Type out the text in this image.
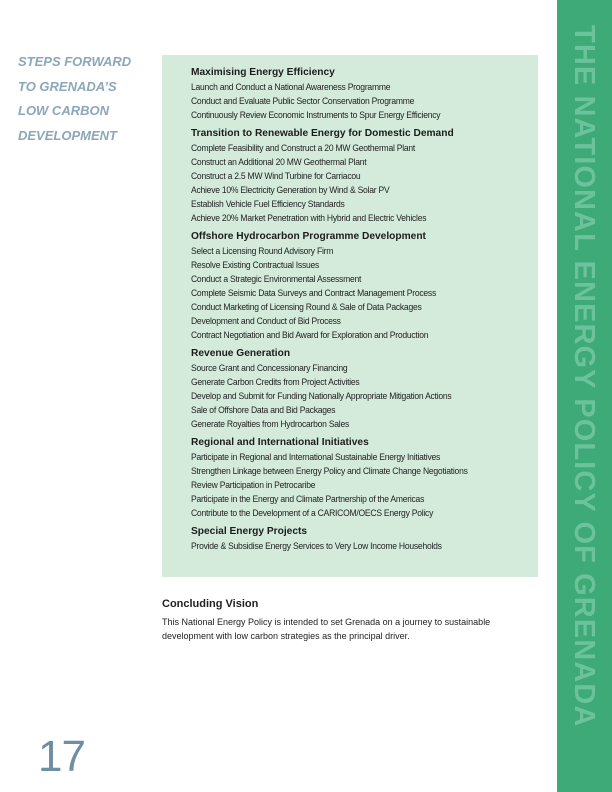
STEPS FORWARD
TO GRENADA’S
LOW CARBON
DEVELOPMENT
Maximising Energy Efficiency
Launch and Conduct a National Awareness Programme
Conduct and Evaluate Public Sector Conservation Programme
Continuously Review Economic Instruments to Spur Energy Efficiency
Transition to Renewable Energy for Domestic Demand
Complete Feasibility and Construct a 20 MW Geothermal Plant
Construct an Additional 20 MW Geothermal Plant
Construct a 2.5 MW Wind Turbine for Carriacou
Achieve 10% Electricity Generation by Wind & Solar PV
Establish Vehicle Fuel Efficiency Standards
Achieve 20% Market Penetration with Hybrid and Electric Vehicles
Offshore Hydrocarbon Programme Development
Select a Licensing Round Advisory Firm
Resolve Existing Contractual Issues
Conduct a Strategic Environmental Assessment
Complete Seismic Data Surveys and Contract Management Process
Conduct Marketing of Licensing Round & Sale of Data Packages
Development and Conduct of Bid Process
Contract Negotiation and Bid Award for Exploration and Production
Revenue Generation
Source Grant and Concessionary Financing
Generate Carbon Credits from Project Activities
Develop and Submit for Funding Nationally Appropriate Mitigation Actions
Sale of Offshore Data and Bid Packages
Generate Royalties from Hydrocarbon Sales
Regional and International Initiatives
Participate in Regional and International Sustainable Energy Initiatives
Strengthen Linkage between Energy Policy and Climate Change Negotiations
Review Participation in Petrocaribe
Participate in the Energy and Climate Partnership of the Americas
Contribute to the Development of a CARICOM/OECS Energy Policy
Special Energy Projects
Provide & Subsidise Energy Services to Very Low Income Households	THE NATIONAL ENERGY POLICY OF GRENADA
Concluding Vision

This National Energy Policy is intended to set Grenada on a journey to sustainable development with low carbon strategies as the principal driver.

17
